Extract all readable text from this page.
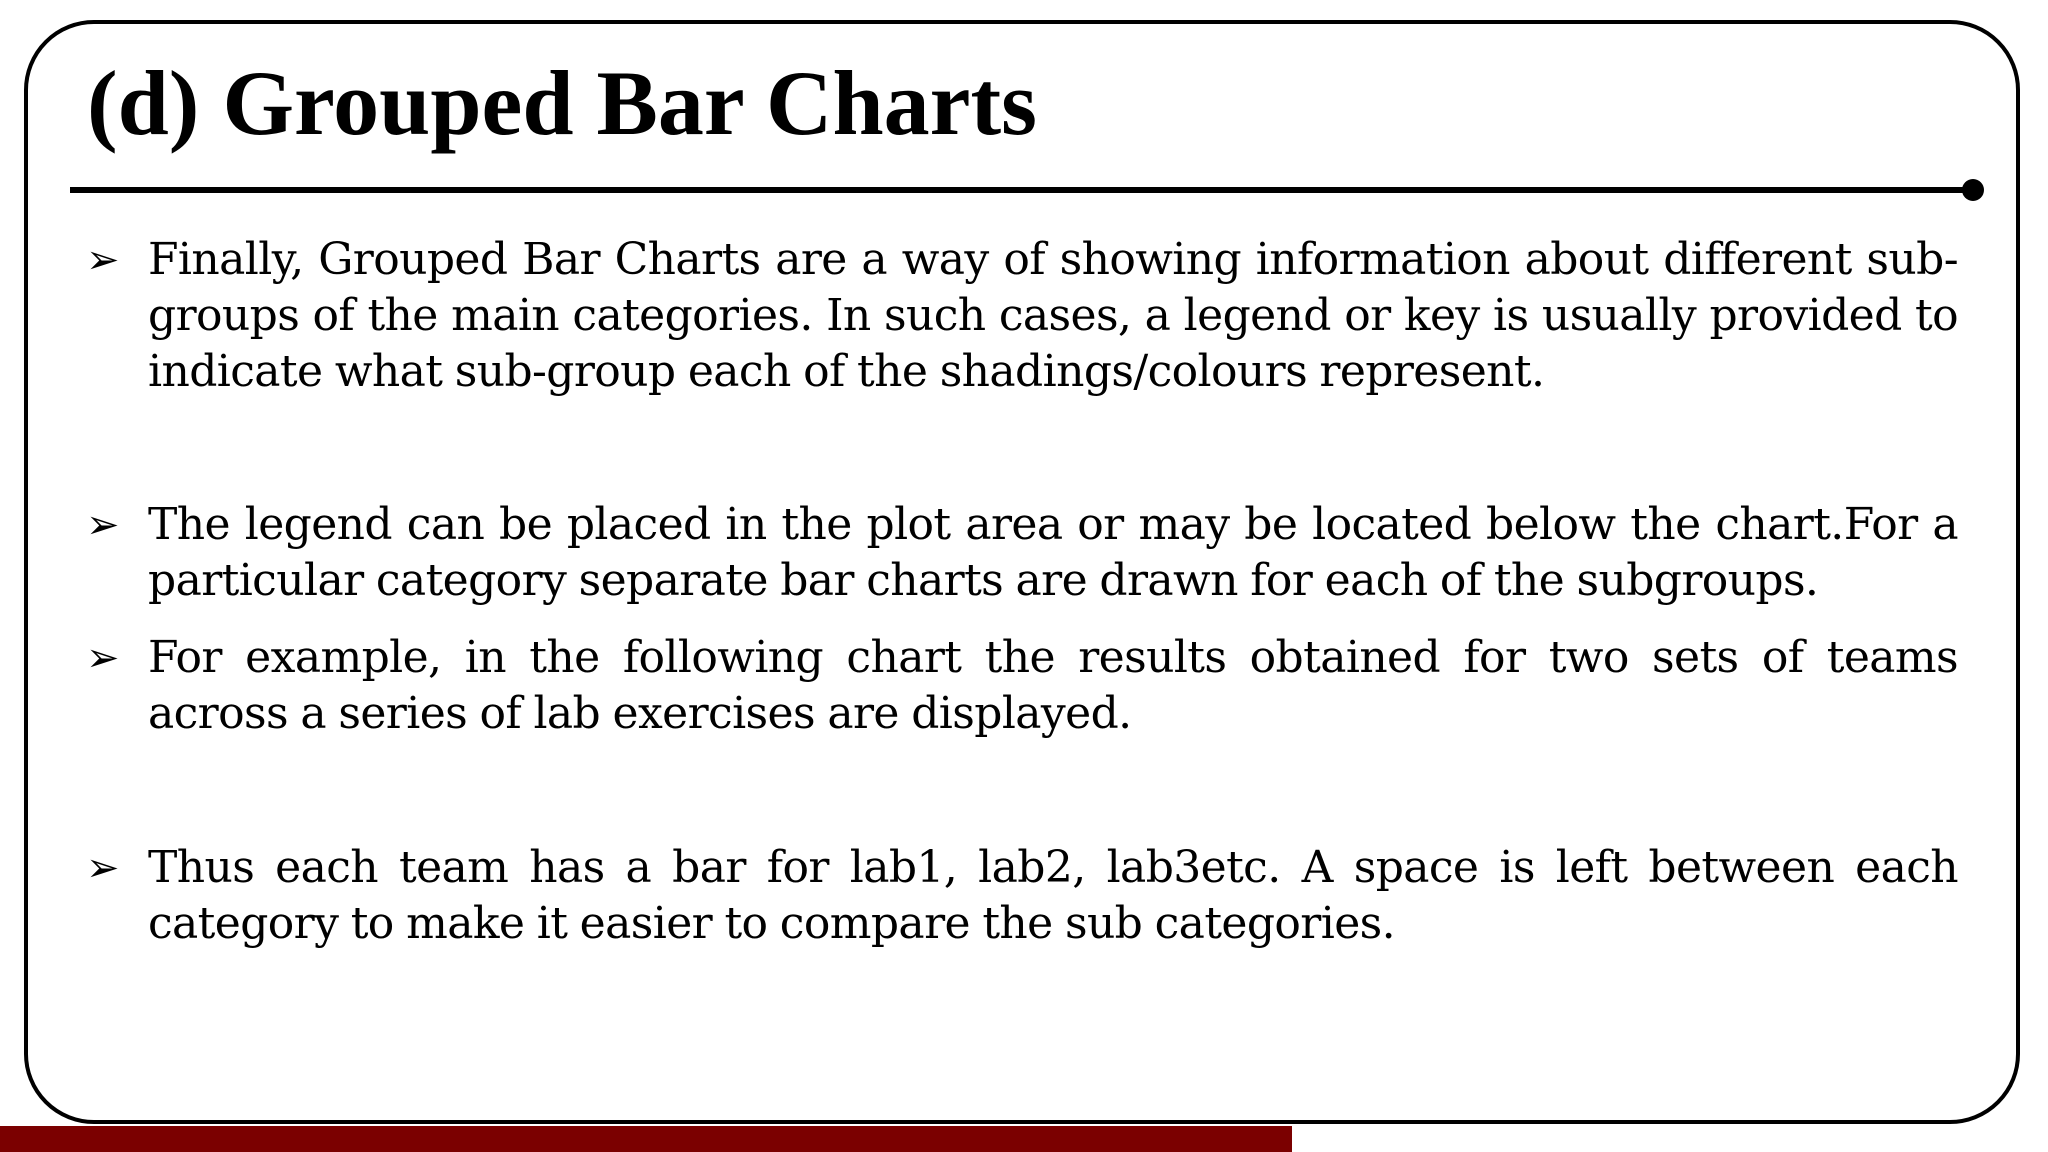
(d) Grouped Bar Charts
➢ Finally, Grouped Bar Charts are a way of showing information about different sub-groups of the main categories. In such cases, a legend or key is usually provided to indicate what sub-group each of the shadings/colours represent.
➢ The legend can be placed in the plot area or may be located below the chart.For a particular category separate bar charts are drawn for each of the subgroups.
➢ For example, in the following chart the results obtained for two sets of teams across a series of lab exercises are displayed.
➢ Thus each team has a bar for lab1, lab2, lab3etc. A space is left between each category to make it easier to compare the sub categories.
